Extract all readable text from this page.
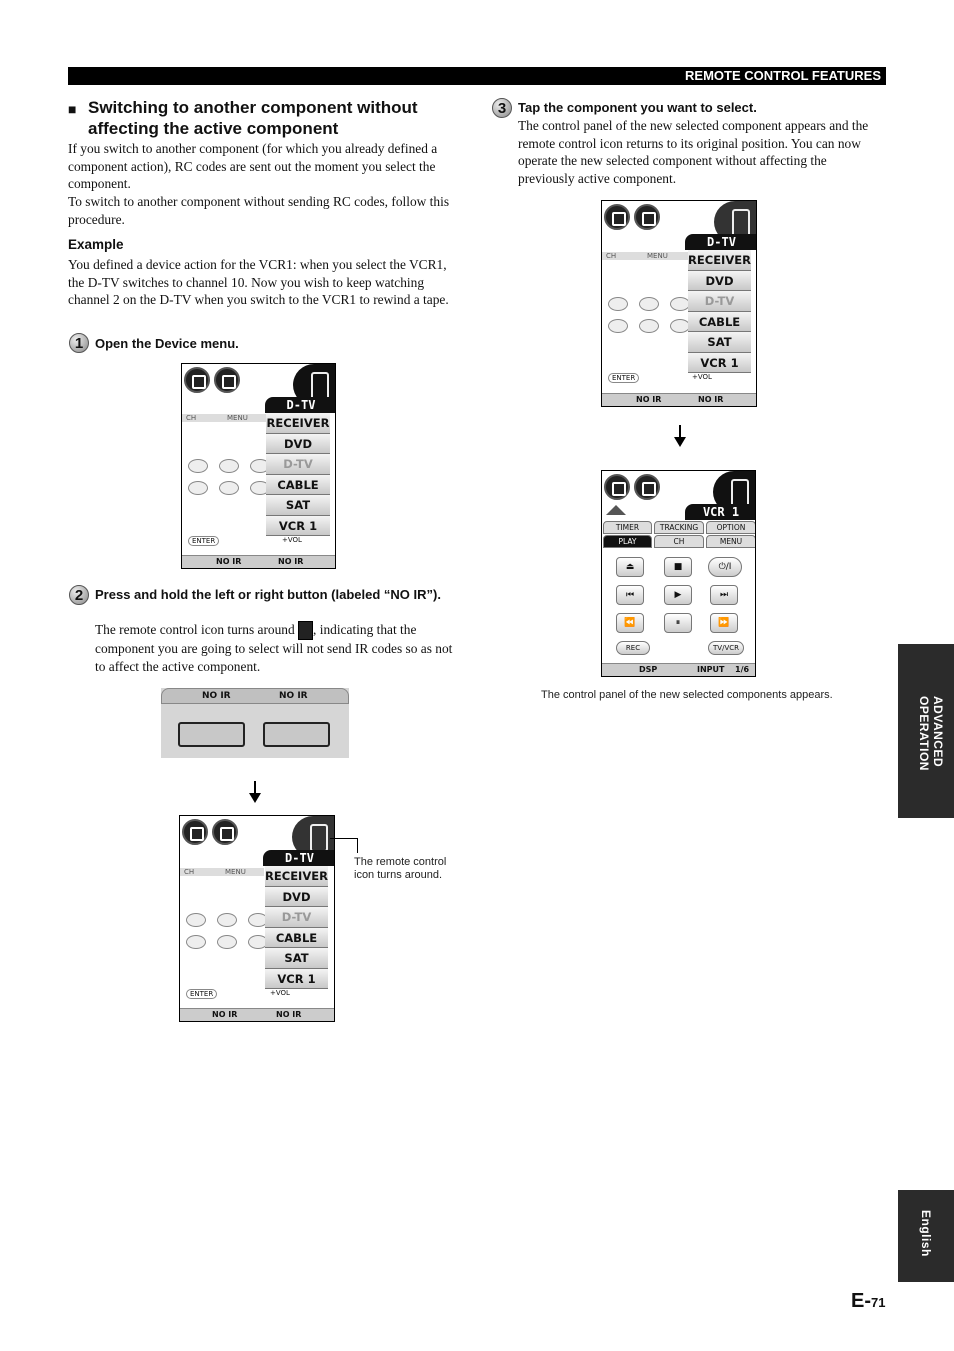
REMOTE CONTROL FEATURES
■ Switching to another component without affecting the active component

If you switch to another component (for which you already defined a component action), RC codes are sent out the moment you select the component.

To switch to another component without sending RC codes, follow this procedure.

Example

You defined a device action for the VCR1: when you select the VCR1, the D-TV switches to channel 10. Now you wish to keep watching channel 2 on the D-TV when you switch to the VCR1 to rewind a tape.

1 Open the Device menu.
D-TV
CH	MENU
ENTER	+VOL
RECEIVER
DVD
D-TV
CABLE
SAT
VCR 1
NO IR	NO IR
2 Press and hold the left or right button (labeled “NO IR”).

The remote control icon turns around , indicating that the component you are going to select will not send IR codes so as not to affect the active component.

NO IR	NO IR
D-TV
CH	MENU
ENTER	+VOL
RECEIVER
DVD
D-TV
CABLE
SAT
VCR 1
NO IR	NO IR

The remote control icon turns around.

3 Tap the component you want to select.

The control panel of the new selected component appears and the remote control icon returns to its original position. You can now operate the new selected component without affecting the previously active component.

D-TV
CH	MENU
ENTER	+VOL
RECEIVER
DVD
D-TV
CABLE
SAT
VCR 1
NO IR	NO IR
VCR 1
TIMER	TRACKING	OPTION
PLAY	CH	MENU
⏏	■	⏻/I
⏮	▶	⏭
⏪	⏸	⏩
REC	TV/VCR
DSP	INPUT 1/6

The control panel of the new selected components appears.

ADVANCED OPERATION
English
E-71
